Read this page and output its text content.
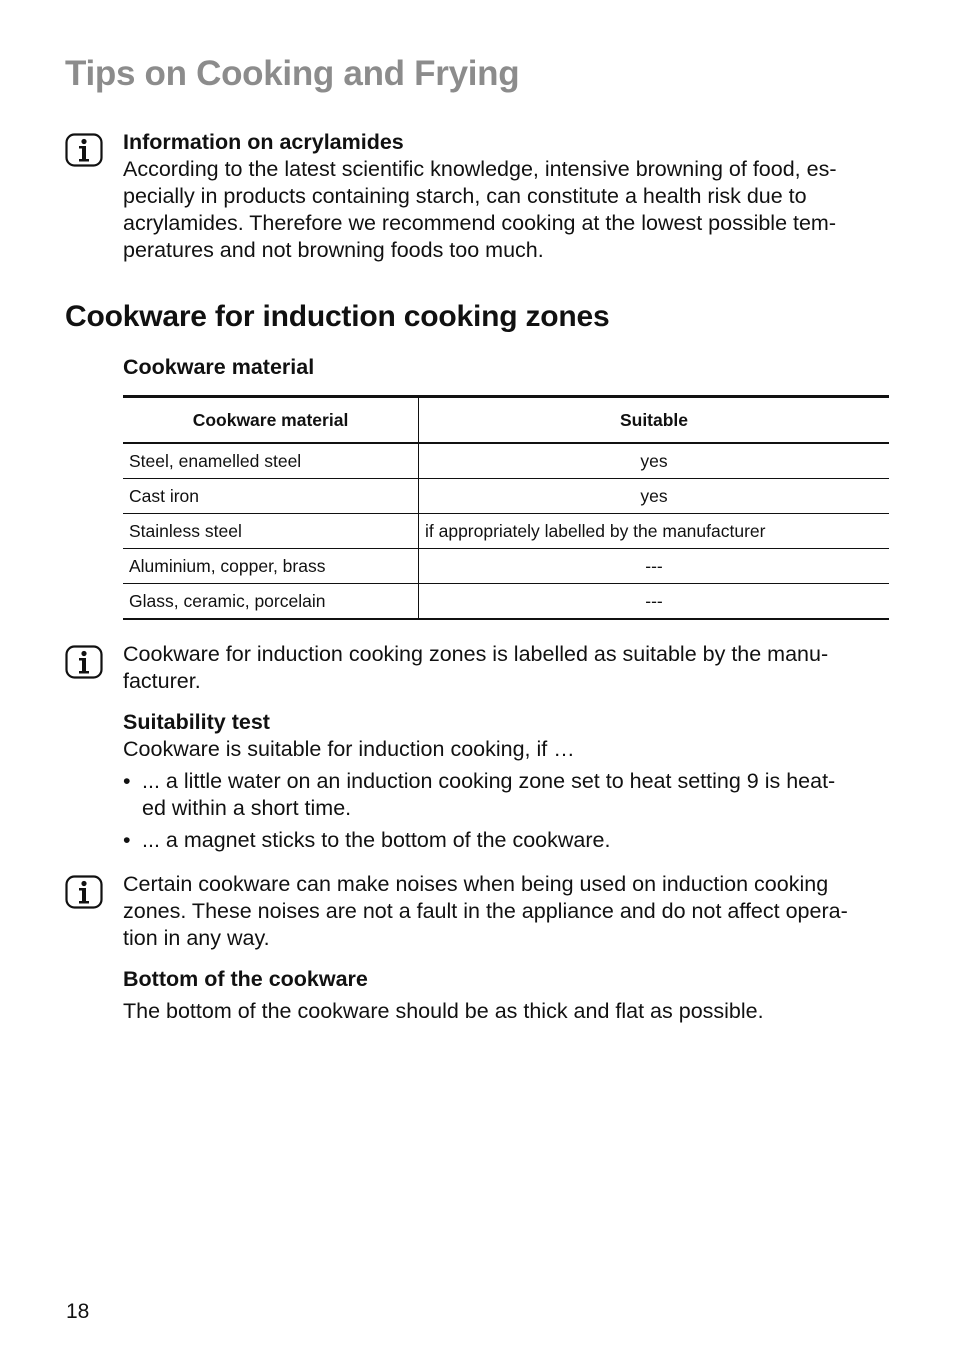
Tips on Cooking and Frying
Information on acrylamides
According to the latest scientific knowledge, intensive browning of food, es-
pecially in products containing starch, can constitute a health risk due to
acrylamides. Therefore we recommend cooking at the lowest possible tem-
peratures and not browning foods too much.
Cookware for induction cooking zones
Cookware material
Cookware material	Suitable
Steel, enamelled steel	yes
Cast iron	yes
Stainless steel	if appropriately labelled by the manufacturer
Aluminium, copper, brass	---
Glass, ceramic, porcelain	---
Cookware for induction cooking zones is labelled as suitable by the manu-
facturer.
Suitability test
Cookware is suitable for induction cooking, if …
• ... a little water on an induction cooking zone set to heat setting 9 is heat-
ed within a short time.
• ... a magnet sticks to the bottom of the cookware.
Certain cookware can make noises when being used on induction cooking
zones. These noises are not a fault in the appliance and do not affect opera-
tion in any way.
Bottom of the cookware
The bottom of the cookware should be as thick and flat as possible.
18
